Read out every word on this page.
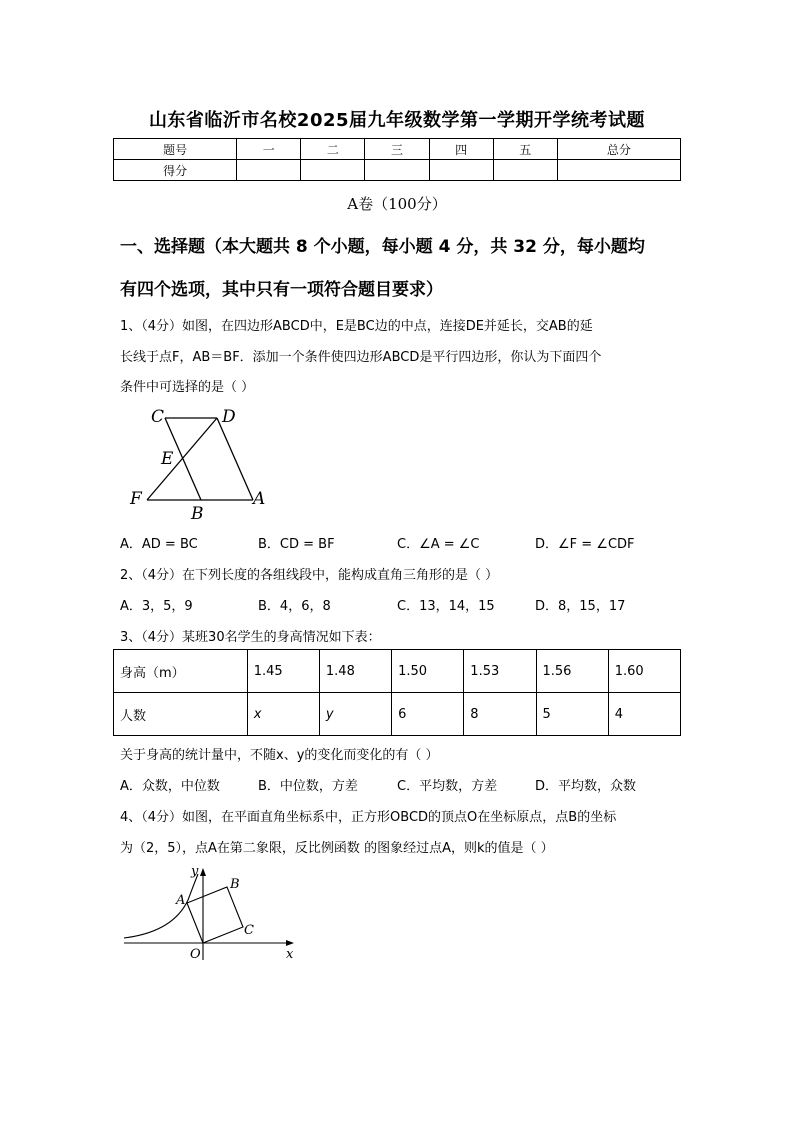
山东省临沂市名校2025届九年级数学第一学期开学统考试题
题号	一	二	三	四	五	总分
得分						
A卷（100分）
一、选择题（本大题共 8 个小题，每小题 4 分，共 32 分，每小题均
有四个选项，其中只有一项符合题目要求）
1、（4分）如图，在四边形ABCD中，E是BC边的中点，连接DE并延长，交AB的延
长线于点F，AB＝BF．添加一个条件使四边形ABCD是平行四边形，你认为下面四个
条件中可选择的是（ ）
C	D
E
F
B
A
A．AD = BC	B．CD = BF	C．∠A = ∠C	D．∠F = ∠CDF
2、（4分）在下列长度的各组线段中，能构成直角三角形的是（ ）
A．3，5，9	B．4，6，8	C．13，14，15	D．8，15，17
3、（4分）某班30名学生的身高情况如下表：
身高（m）	1.45	1.48	1.50	1.53	1.56	1.60
人数	x	y	6	8	5	4
关于身高的统计量中，不随x、y的变化而变化的有（ ）
A．众数，中位数	B．中位数，方差	C．平均数，方差	D．平均数，众数
4、（4分）如图，在平面直角坐标系中，正方形OBCD的顶点O在坐标原点，点B的坐标
为（2，5），点A在第二象限，反比例函数 的图象经过点A，则k的值是（ ）
y
A
B
C
O	x
